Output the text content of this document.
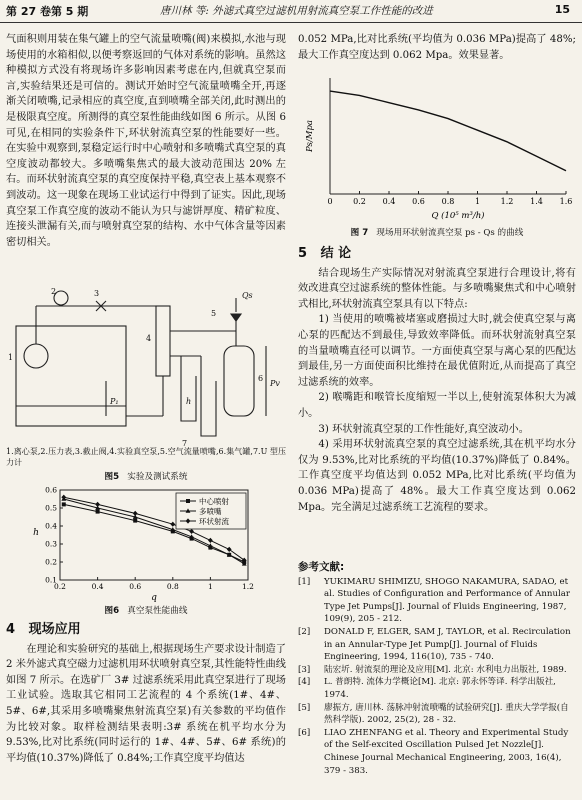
第 27 卷第 5 期	唐川林 等: 外滤式真空过滤机用射流真空泵工作性能的改进	15

气面积则用装在集气罐上的空气流量喷嘴(阀)来模拟,水池与现场使用的水箱相似,以便考察返回的气体对系统的影响。虽然这种模拟方式没有将现场许多影响因素考虑在内,但就真空泵而言,实验结果还是可信的。测试开始时空气流量喷嘴全开,再逐渐关闭喷嘴,记录相应的真空度,直到喷嘴全部关闭,此时测出的是极限真空度。所测得的真空泵性能曲线如图 6 所示。从图 6 可见,在相同的实验条件下,环状射流真空泵的性能要好一些。在实验中观察到,泵稳定运行时中心喷射和多喷嘴式真空泵的真空度波动都较大。多喷嘴集焦式的最大波动范围达 20% 左右。而环状射流真空泵的真空度保持平稳,真空表上基本观察不到波动。这一现象在现场工业试运行中得到了证实。因此,现场真空泵工作真空度的波动不能认为只与滤饼厚度、精矿粒度、连接头泄漏有关,而与喷射真空泵的结构、水中气体含量等因素密切相关。

1
2	3
4
5
6
7
Qs
P₁	h
Pv
1.离心泵,2.压力表,3.截止阀,4.实验真空泵,5.空气流量喷嘴,6.集气罐,7.U 型压力计
图5 实验及测试系统
0.2	0.4	0.6	0.8	1	1.2
0.1
0.2
0.3
0.4
0.5
0.6
q
h
中心喷射
多喷嘴
环状射流
图6 真空泵性能曲线
4 现场应用

在理论和实验研究的基础上,根据现场生产要求设计制造了 2 米外滤式真空磁力过滤机用环状喷射真空泵,其性能特性曲线如图 7 所示。在选矿厂 3# 过滤系统采用此真空泵进行了现场工业试验。选取其它相同工艺流程的 4 个系统(1#、4#、5#、6#,其采用多喷嘴聚焦射流真空泵)有关参数的平均值作为比较对象。取样检测结果表明:3# 系统在机平均水分为 9.53%,比对比系统(同时运行的 1#、4#、5#、6# 系统)的平均值(10.37%)降低了 0.84%;工作真空度平均值达

0.052 MPa,比对比系统(平均值为 0.036 MPa)提高了 48%;最大工作真空度达到 0.062 Mpa。效果显著。

0	0.2 0.4 0.6 0.8	1	1.2 1.4 1.6
Q (10⁵ m³/h)
Ps/Mpa
图 7 现场用环状射流真空泵 ps - Qs 的曲线
5 结 论

结合现场生产实际情况对射流真空泵进行合理设计,将有效改进真空过滤系统的整体性能。与多喷嘴聚焦式和中心喷射式相比,环状射流真空泵具有以下特点:

1) 当使用的喷嘴被堵塞或磨损过大时,就会使真空泵与离心泵的匹配达不到最佳,导致效率降低。而环状射流射真空泵的当量喷嘴直径可以调节。一方面使真空泵与离心泵的匹配达到最佳,另一方面使面积比维持在最优值附近,从而提高了真空过滤系统的效率。

2) 喉嘴距和喉管长度缩短一半以上,使射流泵体积大为减小。

3) 环状射流真空泵的工作性能好,真空波动小。

4) 采用环状射流真空泵的真空过滤系统,其在机平均水分仅为 9.53%,比对比系统的平均值(10.37%)降低了 0.84%。工作真空度平均值达到 0.052 MPa,比对比系统(平均值为 0.036 MPa)提高了 48%。最大工作真空度达到 0.062 Mpa。完全满足过滤系统工艺流程的要求。

参考文献:
[1] YUKIMARU SHIMIZU, SHOGO NAKAMURA, SADAO, et al. Studies of Configuration and Performance of Annular Type Jet Pumps[J]. Journal of Fluids Engineering, 1987, 109(9), 205 - 212.
[2] DONALD F, ELGER, SAM J, TAYLOR, et al. Recirculation in an Annular-Type Jet Pump[J]. Journal of Fluids Engineering, 1994, 116(10), 735 - 740.
[3] 陆宏圻. 射流泵的理论及应用[M]. 北京: 水利电力出版社, 1989.
[4] L. 普朗特. 流体力学概论[M]. 北京: 郭永怀等译. 科学出版社, 1974.
[5] 廖振方, 唐川林. 荡脉冲射流喷嘴的试验研究[J]. 重庆大学学报(自然科学版). 2002, 25(2), 28 - 32.
[6] LIAO ZHENFANG et al. Theory and Experimental Study of the Self-excited Oscillation Pulsed Jet Nozzle[J]. Chinese Journal Mechanical Engineering, 2003, 16(4), 379 - 383.
